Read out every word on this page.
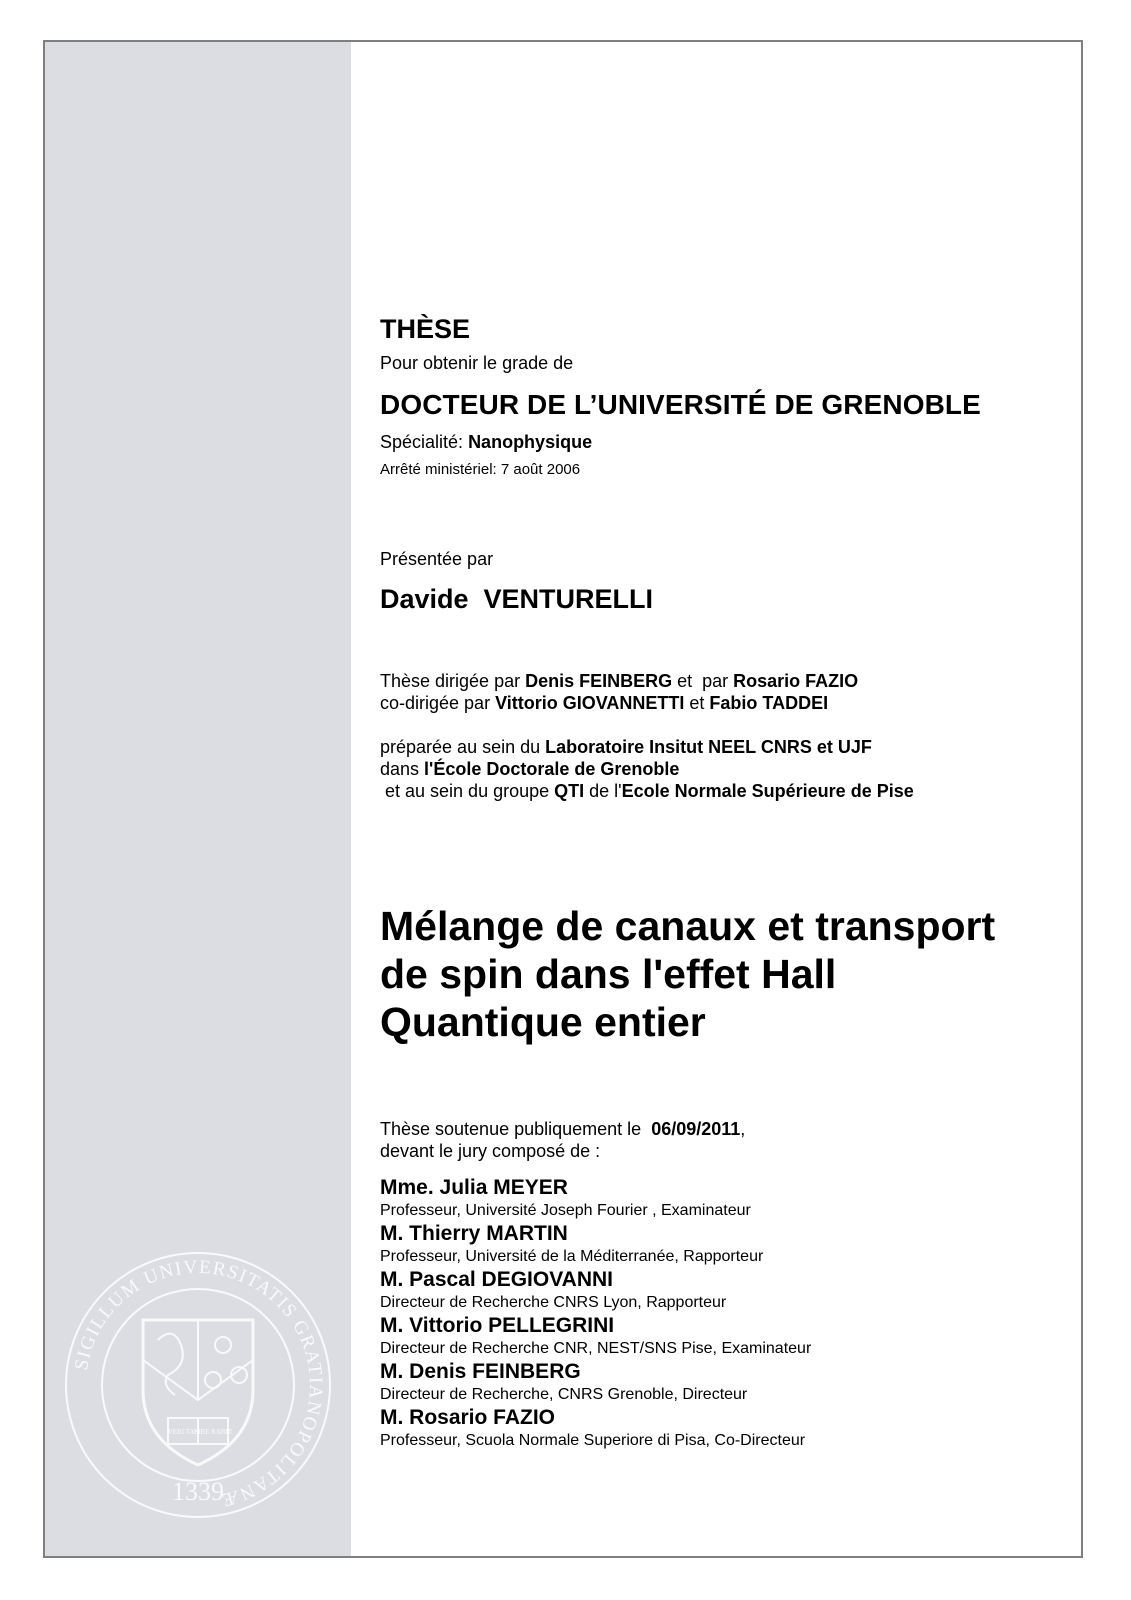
SIGILLUM UNIVERSITATIS GRATIANOPOLITANÆ
1339
VERI TAS
LIBE RABIT
THÈSE
Pour obtenir le grade de
DOCTEUR DE L’UNIVERSITÉ DE GRENOBLE
Spécialité: Nanophysique
Arrêté ministériel: 7 août 2006
Présentée par
Davide  VENTURELLI
Thèse dirigée par Denis FEINBERG et  par Rosario FAZIO
co-dirigée par Vittorio GIOVANNETTI et Fabio TADDEI
préparée au sein du Laboratoire Insitut NEEL CNRS et UJF
dans l'École Doctorale de Grenoble
et au sein du groupe QTI de l'Ecole Normale Supérieure de Pise
Mélange de canaux et transport
de spin dans l'effet Hall
Quantique entier
Thèse soutenue publiquement le  06/09/2011,
devant le jury composé de :
Mme. Julia MEYER
Professeur, Université Joseph Fourier , Examinateur
M. Thierry MARTIN
Professeur, Université de la Méditerranée, Rapporteur
M. Pascal DEGIOVANNI
Directeur de Recherche CNRS Lyon, Rapporteur
M. Vittorio PELLEGRINI
Directeur de Recherche CNR, NEST/SNS Pise, Examinateur
M. Denis FEINBERG
Directeur de Recherche, CNRS Grenoble, Directeur
M. Rosario FAZIO
Professeur, Scuola Normale Superiore di Pisa, Co-Directeur
